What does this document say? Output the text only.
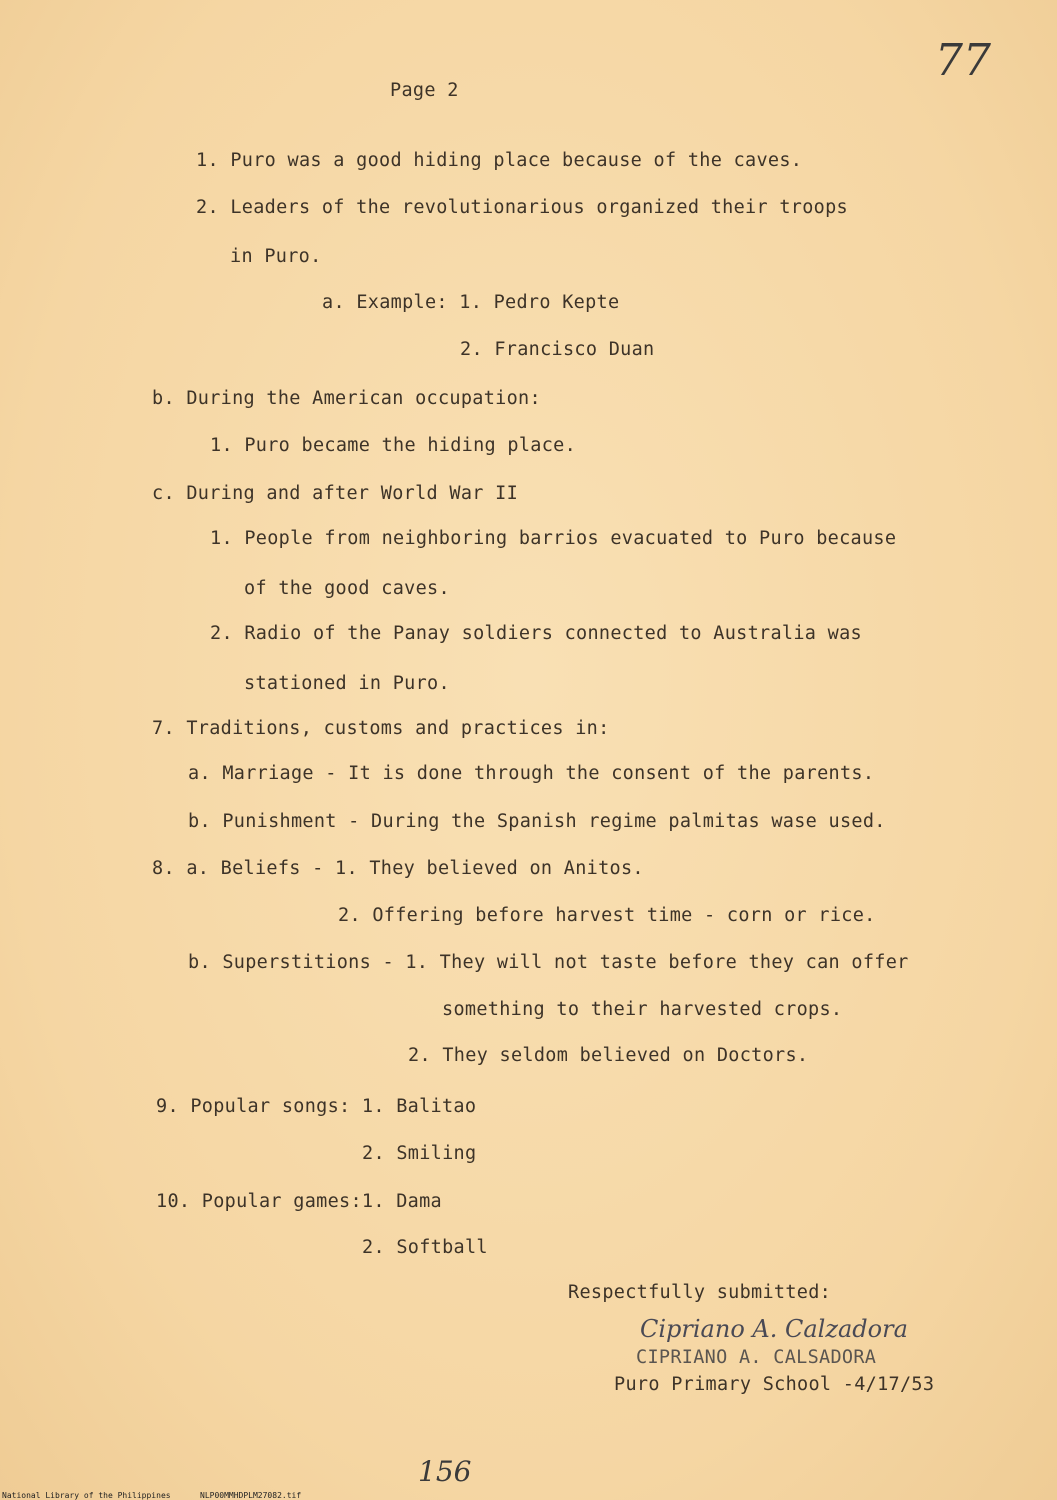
Page 2
77
1. Puro was a good hiding place because of the caves.
2. Leaders of the revolutionarious organized their troops
in Puro.
a. Example: 1. Pedro Kepte
2. Francisco Duan
b. During the American occupation:
1. Puro became the hiding place.
c. During and after World War II
1. People from neighboring barrios evacuated to Puro because
of the good caves.
2. Radio of the Panay soldiers connected to Australia was
stationed in Puro.
7. Traditions, customs and practices in:
a. Marriage - It is done through the consent of the parents.
b. Punishment - During the Spanish regime palmitas wase used.
8. a. Beliefs - 1. They believed on Anitos.
2. Offering before harvest time - corn or rice.
b. Superstitions - 1. They will not taste before they can offer
something to their harvested crops.
2. They seldom believed on Doctors.
9. Popular songs: 1. Balitao
2. Smiling
10. Popular games:1. Dama
2. Softball
Respectfully submitted:
Cipriano A. Calzadora
CIPRIANO A. CALSADORA
Puro Primary School -4/17/53
156
National Library of the Philippines	NLP00MMHDPLM27082.tif
